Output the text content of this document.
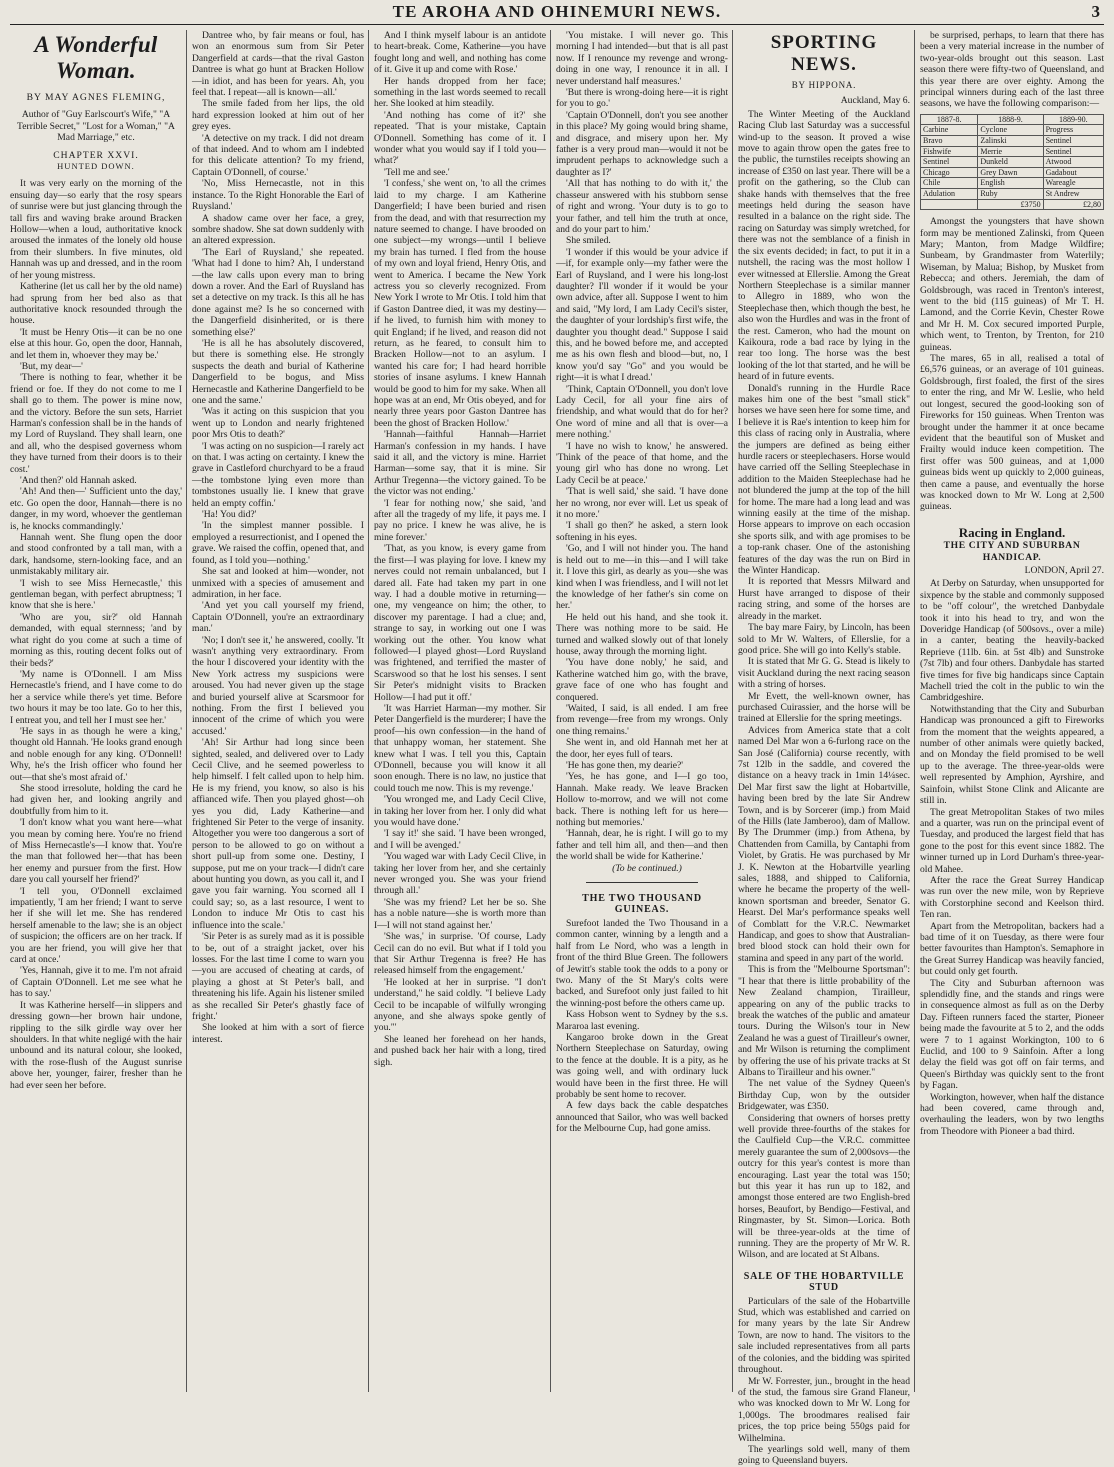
TE AROHA AND OHINEMURI NEWS.	3
A Wonderful Woman.
BY MAY AGNES FLEMING,

Author of "Guy Earlscourt's Wife," "A Terrible Secret," "Lost for a Woman," "A Mad Marriage," etc.

CHAPTER XXVI.
HUNTED DOWN.

It was very early on the morning of the ensuing day—so early that the rosy spears of sunrise were but just glancing through the tall firs and waving brake around Bracken Hollow—when a loud, authoritative knock aroused the inmates of the lonely old house from their slumbers. In five minutes, old Hannah was up and dressed, and in the room of her young mistress.

Katherine (let us call her by the old name) had sprung from her bed also as that authoritative knock resounded through the house.

'It must be Henry Otis—it can be no one else at this hour. Go, open the door, Hannah, and let them in, whoever they may be.'

'But, my dear—'

'There is nothing to fear, whether it be friend or foe. If they do not come to me I shall go to them. The power is mine now, and the victory. Before the sun sets, Harriet Harman's confession shall be in the hands of my Lord of Ruysland. They shall learn, one and all, who the despised governess whom they have turned from their doors is to their cost.'

'And then?' old Hannah asked.

'Ah! And then—' Sufficient unto the day,' etc. Go open the door, Hannah—there is no danger, in my word, whoever the gentleman is, he knocks commandingly.'

Hannah went. She flung open the door and stood confronted by a tall man, with a dark, handsome, stern-looking face, and an unmistakably military air.

'I wish to see Miss Hernecastle,' this gentleman began, with perfect abruptness; 'I know that she is here.'

'Who are you, sir?' old Hannah demanded, with equal sternness; 'and by what right do you come at such a time of morning as this, routing decent folks out of their beds?'

'My name is O'Donnell. I am Miss Hernecastle's friend, and I have come to do her a service while there's yet time. Before two hours it may be too late. Go to her this, I entreat you, and tell her I must see her.'

'He says in as though he were a king,' thought old Hannah. 'He looks grand enough and noble enough for any king. O'Donnell! Why, he's the Irish officer who found her out—that she's most afraid of.'

She stood irresolute, holding the card he had given her, and looking angrily and doubtfully from him to it.

'I don't know what you want here—what you mean by coming here. You're no friend of Miss Hernecastle's—I know that. You're the man that followed her—that has been her enemy and pursuer from the first. How dare you call yourself her friend?'

'I tell you, O'Donnell exclaimed impatiently, 'I am her friend; I want to serve her if she will let me. She has rendered herself amenable to the law; she is an object of suspicion; the officers are on her track. If you are her friend, you will give her that card at once.'

'Yes, Hannah, give it to me. I'm not afraid of Captain O'Donnell. Let me see what he has to say.'

It was Katherine herself—in slippers and dressing gown—her brown hair undone, rippling to the silk girdle way over her shoulders. In that white negligé with the hair unbound and its natural colour, she looked, with the rose-flush of the August sunrise above her, younger, fairer, fresher than he had ever seen her before.

Dantree who, by fair means or foul, has won an enormous sum from Sir Peter Dangerfield at cards—that the rival Gaston Dantree is what go hunt at Bracken Hollow—in idiot, and has been for years. Ah, you feel that. I repeat—all is known—all.'

The smile faded from her lips, the old hard expression looked at him out of her grey eyes.

'A detective on my track. I did not dream of that indeed. And to whom am I indebted for this delicate attention? To my friend, Captain O'Donnell, of course.'

'No, Miss Hernecastle, not in this instance. To the Right Honorable the Earl of Ruysland.'

A shadow came over her face, a grey, sombre shadow. She sat down suddenly with an altered expression.

'The Earl of Ruysland,' she repeated. 'What had I done to him? Ah, I understand—the law calls upon every man to bring down a rover. And the Earl of Ruysland has set a detective on my track. Is this all he has done against me? Is he so concerned with the Dangerfield disinherited, or is there something else?'

'He is all he has absolutely discovered, but there is something else. He strongly suspects the death and burial of Katherine Dangerfield to be bogus, and Miss Hernecastle and Katherine Dangerfield to be one and the same.'

'Was it acting on this suspicion that you went up to London and nearly frightened poor Mrs Otis to death?'

'I was acting on no suspicion—I rarely act on that. I was acting on certainty. I knew the grave in Castleford churchyard to be a fraud—the tombstone lying even more than tombstones usually lie. I knew that grave held an empty coffin.'

'Ha! You did?'

'In the simplest manner possible. I employed a resurrectionist, and I opened the grave. We raised the coffin, opened that, and found, as I told you—nothing.'

She sat and looked at him—wonder, not unmixed with a species of amusement and admiration, in her face.

'And yet you call yourself my friend, Captain O'Donnell, you're an extraordinary man.'

'No; I don't see it,' he answered, coolly. 'It wasn't anything very extraordinary. From the hour I discovered your identity with the New York actress my suspicions were aroused. You had never given up the stage and buried yourself alive at Scarsmoor for nothing. From the first I believed you innocent of the crime of which you were accused.'

'Ah! Sir Arthur had long since been sighted, sealed, and delivered over to Lady Cecil Clive, and he seemed powerless to help himself. I felt called upon to help him. He is my friend, you know, so also is his affianced wife. Then you played ghost—oh yes you did, Lady Katherine—and frightened Sir Peter to the verge of insanity. Altogether you were too dangerous a sort of person to be allowed to go on without a short pull-up from some one. Destiny, I suppose, put me on your track—I didn't care about hunting you down, as you call it, and I gave you fair warning. You scorned all I could say; so, as a last resource, I went to London to induce Mr Otis to cast his influence into the scale.'

'Sir Peter is as surely mad as it is possible to be, out of a straight jacket, over his losses. For the last time I come to warn you—you are accused of cheating at cards, of playing a ghost at St Peter's ball, and threatening his life. Again his listener smiled as she recalled Sir Peter's ghastly face of fright.'

She looked at him with a sort of fierce interest.

And I think myself labour is an antidote to heart-break. Come, Katherine—you have fought long and well, and nothing has come of it. Give it up and come with Rose.'

Her hands dropped from her face; something in the last words seemed to recall her. She looked at him steadily.

'And nothing has come of it?' she repeated. 'That is your mistake, Captain O'Donnell. Something has come of it. I wonder what you would say if I told you—what?'

'Tell me and see.'

'I confess,' she went on, 'to all the crimes laid to my charge. I am Katherine Dangerfield; I have been buried and risen from the dead, and with that resurrection my nature seemed to change. I have brooded on one subject—my wrongs—until I believe my brain has turned. I fled from the house of my own and loyal friend, Henry Otis, and went to America. I became the New York actress you so cleverly recognized. From New York I wrote to Mr Otis. I told him that if Gaston Dantree died, it was my destiny—if he lived, to furnish him with money to quit England; if he lived, and reason did not return, as he feared, to consult him to Bracken Hollow—not to an asylum. I wanted his care for; I had heard horrible stories of insane asylums. I knew Hannah would be good to him for my sake. When all hope was at an end, Mr Otis obeyed, and for nearly three years poor Gaston Dantree has been the ghost of Bracken Hollow.'

'Hannah—faithful Hannah—Harriet Harman's confession in my hands. I have said it all, and the victory is mine. Harriet Harman—some say, that it is mine. Sir Arthur Tregenna—the victory gained. To be the victor was not ending.'

'I fear for nothing now,' she said, 'and after all the tragedy of my life, it pays me. I pay no price. I knew he was alive, he is mine forever.'

'That, as you know, is every game from the first—I was playing for love. I knew my nerves could not remain unbalanced, but I dared all. Fate had taken my part in one way. I had a double motive in returning—one, my vengeance on him; the other, to discover my parentage. I had a clue; and, strange to say, in working out one I was working out the other. You know what followed—I played ghost—Lord Ruysland was frightened, and terrified the master of Scarswood so that he lost his senses. I sent Sir Peter's midnight visits to Bracken Hollow—I had put it off.'

'It was Harriet Harman—my mother. Sir Peter Dangerfield is the murderer; I have the proof—his own confession—in the hand of that unhappy woman, her statement. She knew what I was. I tell you this, Captain O'Donnell, because you will know it all soon enough. There is no law, no justice that could touch me now. This is my revenge.'

'You wronged me, and Lady Cecil Clive, in taking her lover from her. I only did what you would have done.'

'I say it!' she said. 'I have been wronged, and I will be avenged.'

'You waged war with Lady Cecil Clive, in taking her lover from her, and she certainly never wronged you. She was your friend through all.'

'She was my friend? Let her be so. She has a noble nature—she is worth more than I—I will not stand against her.'

'She was,' in surprise. 'Of course, Lady Cecil can do no evil. But what if I told you that Sir Arthur Tregenna is free? He has released himself from the engagement.'

'He looked at her in surprise. "I don't understand," he said coldly. "I believe Lady Cecil to be incapable of wilfully wronging anyone, and she always spoke gently of you."'

She leaned her forehead on her hands, and pushed back her hair with a long, tired sigh.

'You mistake. I will never go. This morning I had intended—but that is all past now. If I renounce my revenge and wrong-doing in one way, I renounce it in all. I never understand half measures.'

'But there is wrong-doing here—it is right for you to go.'

'Captain O'Donnell, don't you see another in this place? My going would bring shame, and disgrace, and misery upon her. My father is a very proud man—would it not be imprudent perhaps to acknowledge such a daughter as I?'

'All that has nothing to do with it,' the chasseur answered with his stubborn sense of right and wrong. 'Your duty is to go to your father, and tell him the truth at once, and do your part to him.'

She smiled.

'I wonder if this would be your advice if—if, for example only—my father were the Earl of Ruysland, and I were his long-lost daughter? I'll wonder if it would be your own advice, after all. Suppose I went to him and said, "My lord, I am Lady Cecil's sister, the daughter of your lordship's first wife, the daughter you thought dead." Suppose I said this, and he bowed before me, and accepted me as his own flesh and blood—but, no, I know you'd say "Go" and you would be right—it is what I dread.'

'Think, Captain O'Donnell, you don't love Lady Cecil, for all your fine airs of friendship, and what would that do for her? One word of mine and all that is over—a mere nothing.'

'I have no wish to know,' he answered. 'Think of the peace of that home, and the young girl who has done no wrong. Let Lady Cecil be at peace.'

'That is well said,' she said. 'I have done her no wrong, nor ever will. Let us speak of it no more.'

'I shall go then?' he asked, a stern look softening in his eyes.

'Go, and I will not hinder you. The hand is held out to me—in this—and I will take it. I love this girl, as dearly as you—she was kind when I was friendless, and I will not let the knowledge of her father's sin come on her.'

He held out his hand, and she took it. There was nothing more to be said. He turned and walked slowly out of that lonely house, away through the morning light.

'You have done nobly,' he said, and Katherine watched him go, with the brave, grave face of one who has fought and conquered.

'Waited, I said, is all ended. I am free from revenge—free from my wrongs. Only one thing remains.'

She went in, and old Hannah met her at the door, her eyes full of tears.

'He has gone then, my dearie?'

'Yes, he has gone, and I—I go too, Hannah. Make ready. We leave Bracken Hollow to-morrow, and we will not come back. There is nothing left for us here—nothing but memories.'

'Hannah, dear, he is right. I will go to my father and tell him all, and then—and then the world shall be wide for Katherine.'

(To be continued.)

THE TWO THOUSAND GUINEAS.

Surefoot landed the Two Thousand in a common canter, winning by a length and a half from Le Nord, who was a length in front of the third Blue Green. The followers of Jewitt's stable took the odds to a pony or two. Many of the St Mary's colts were backed, and Surefoot only just failed to hit the winning-post before the others came up.

Kass Hobson went to Sydney by the s.s. Mararoa last evening.

Kangaroo broke down in the Great Northern Steeplechase on Saturday, owing to the fence at the double. It is a pity, as he was going well, and with ordinary luck would have been in the first three. He will probably be sent home to recover.

A few days back the cable despatches announced that Sailor, who was well backed for the Melbourne Cup, had gone amiss.

SPORTING NEWS.
BY HIPPONA.
Auckland, May 6.

The Winter Meeting of the Auckland Racing Club last Saturday was a successful wind-up to the season. It proved a wise move to again throw open the gates free to the public, the turnstiles receipts showing an increase of £350 on last year. There will be a profit on the gathering, so the Club can shake hands with themselves that the free meetings held during the season have resulted in a balance on the right side. The racing on Saturday was simply wretched, for there was not the semblance of a finish in the six events decided; in fact, to put it in a nutshell, the racing was the most hollow I ever witnessed at Ellerslie. Among the Great Northern Steeplechase is a similar manner to Allegro in 1889, who won the Steeplechase then, which though the best, he also won the Hurdles and was in the front of the rest. Cameron, who had the mount on Kaikoura, rode a bad race by lying in the rear too long. The horse was the best looking of the lot that started, and he will be heard of in future events.

Donald's running in the Hurdle Race makes him one of the best "small stick" horses we have seen here for some time, and I believe it is Rae's intention to keep him for this class of racing only in Australia, where the jumpers are defined as being either hurdle racers or steeplechasers. Horse would have carried off the Selling Steeplechase in addition to the Maiden Steeplechase had he not blundered the jump at the top of the hill for home. The mare had a long lead and was winning easily at the time of the mishap. Horse appears to improve on each occasion she sports silk, and with age promises to be a top-rank chaser. One of the astonishing features of the day was the run on Bird in the Winter Handicap.

It is reported that Messrs Milward and Hurst have arranged to dispose of their racing string, and some of the horses are already in the market.

The bay mare Fairy, by Lincoln, has been sold to Mr W. Walters, of Ellerslie, for a good price. She will go into Kelly's stable.

It is stated that Mr G. G. Stead is likely to visit Auckland during the next racing season with a string of horses.

Mr Evett, the well-known owner, has purchased Cuirassier, and the horse will be trained at Ellerslie for the spring meetings.

Advices from America state that a colt named Del Mar won a 6-furlong race on the San José (California) course recently, with 7st 12lb in the saddle, and covered the distance on a heavy track in 1min 14¼sec. Del Mar first saw the light at Hobartville, having been bred by the late Sir Andrew Town, and is by Sorcerer (imp.) from Maid of the Hills (late Jamberoo), dam of Mallow. By The Drummer (imp.) from Athena, by Chattenden from Camilla, by Cantaphi from Violet, by Gratis. He was purchased by Mr J. K. Newton at the Hobartville yearling sales, 1888, and shipped to California, where he became the property of the well-known sportsman and breeder, Senator G. Hearst. Del Mar's performance speaks well of Comblatt for the V.R.C. Newmarket Handicap, and goes to show that Australian-bred blood stock can hold their own for stamina and speed in any part of the world.

This is from the "Melbourne Sportsman": "I hear that there is little probability of the New Zealand champion, Tirailleur, appearing on any of the public tracks to break the watches of the public and amateur tours. During the Wilson's tour in New Zealand he was a guest of Tirailleur's owner, and Mr Wilson is returning the compliment by offering the use of his private tracks at St Albans to Tirailleur and his owner."

The net value of the Sydney Queen's Birthday Cup, won by the outsider Bridgewater, was £350.

Considering that owners of horses pretty well provide three-fourths of the stakes for the Caulfield Cup—the V.R.C. committee merely guarantee the sum of 2,000sovs—the outcry for this year's contest is more than encouraging. Last year the total was 150; but this year it has run up to 182, and amongst those entered are two English-bred horses, Beaufort, by Bendigo—Festival, and Ringmaster, by St. Simon—Lorica. Both will be three-year-olds at the time of running. They are the property of Mr W. R. Wilson, and are located at St Albans.

SALE OF THE HOBARTVILLE STUD

Particulars of the sale of the Hobartville Stud, which was established and carried on for many years by the late Sir Andrew Town, are now to hand. The visitors to the sale included representatives from all parts of the colonies, and the bidding was spirited throughout.

Mr W. Forrester, jun., brought in the head of the stud, the famous sire Grand Flaneur, who was knocked down to Mr W. Long for 1,000gs. The broodmares realised fair prices, the top price being 550gs paid for Wilhelmina.

The yearlings sold well, many of them going to Queensland buyers.

be surprised, perhaps, to learn that there has been a very material increase in the number of two-year-olds brought out this season. Last season there were fifty-two of Queensland, and this year there are over eighty. Among the principal winners during each of the last three seasons, we have the following comparison:—

1887-8.	1888-9.	1889-90.
Carbine	Cyclone	Progress
Bravo	Zalinski	Sentinel
Fishwife	Merrie	Sentinel
Sentinel	Dunkeld	Atwood
Chicago	Grey Dawn	Gadabout
Chile	English	Wareagle
Adulation	Ruby	St Andrew
	£3750	£2,80

Amongst the youngsters that have shown form may be mentioned Zalinski, from Queen Mary; Manton, from Madge Wildfire; Sunbeam, by Grandmaster from Waterlily; Wiseman, by Malua; Bishop, by Musket from Rebecca; and others. Jeremiah, the dam of Goldsbrough, was raced in Trenton's interest, went to the bid (115 guineas) of Mr T. H. Lamond, and the Corrie Kevin, Chester Rowe and Mr H. M. Cox secured imported Purple, which went, to Trenton, by Trenton, for 210 guineas.

The mares, 65 in all, realised a total of £6,576 guineas, or an average of 101 guineas. Goldsbrough, first foaled, the first of the sires to enter the ring, and Mr W. Leslie, who held out longest, secured the good-looking son of Fireworks for 150 guineas. When Trenton was brought under the hammer it at once became evident that the beautiful son of Musket and Frailty would induce keen competition. The first offer was 500 guineas, and at 1,000 guineas bids went up quickly to 2,000 guineas, then came a pause, and eventually the horse was knocked down to Mr W. Long at 2,500 guineas.

Racing in England.
THE CITY AND SUBURBAN HANDICAP.
LONDON, April 27.

At Derby on Saturday, when unsupported for sixpence by the stable and commonly supposed to be "off colour", the wretched Danbydale took it into his head to try, and won the Doveridge Handicap (of 500sovs., over a mile) in a canter, beating the heavily-backed Reprieve (11lb. 6in. at 5st 4lb) and Sunstroke (7st 7lb) and four others. Danbydale has started five times for five big handicaps since Captain Machell tried the colt in the public to win the Cambridgeshire.

Notwithstanding that the City and Suburban Handicap was pronounced a gift to Fireworks from the moment that the weights appeared, a number of other animals were quietly backed, and on Monday the field promised to be well up to the average. The three-year-olds were well represented by Amphion, Ayrshire, and Sainfoin, whilst Stone Clink and Alicante are still in.

The great Metropolitan Stakes of two miles and a quarter, was run on the principal event of Tuesday, and produced the largest field that has gone to the post for this event since 1882. The winner turned up in Lord Durham's three-year-old Mahee.

After the race the Great Surrey Handicap was run over the new mile, won by Reprieve with Corstorphine second and Keelson third. Ten ran.

Apart from the Metropolitan, backers had a bad time of it on Tuesday, as there were four better favourites than Hampton's. Semaphore in the Great Surrey Handicap was heavily fancied, but could only get fourth.

The City and Suburban afternoon was splendidly fine, and the stands and rings were in consequence almost as full as on the Derby Day. Fifteen runners faced the starter, Pioneer being made the favourite at 5 to 2, and the odds were 7 to 1 against Workington, 100 to 6 Euclid, and 100 to 9 Sainfoin. After a long delay the field was got off on fair terms, and Queen's Birthday was quickly sent to the front by Fagan.

Workington, however, when half the distance had been covered, came through and, overhauling the leaders, won by two lengths from Theodore with Pioneer a bad third.
